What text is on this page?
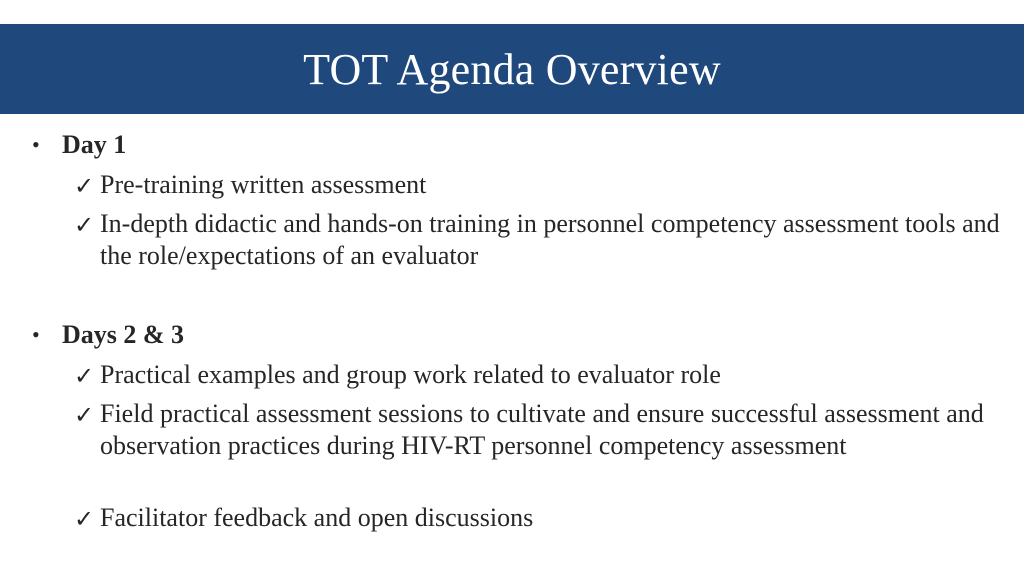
TOT Agenda Overview
• Day 1
✓ Pre-training written assessment
✓ In-depth didactic and hands-on training in personnel competency assessment tools and the role/expectations of an evaluator
• Days 2 & 3
✓ Practical examples and group work related to evaluator role
✓ Field practical assessment sessions to cultivate and ensure successful assessment and observation practices during HIV-RT personnel competency assessment
✓ Facilitator feedback and open discussions
